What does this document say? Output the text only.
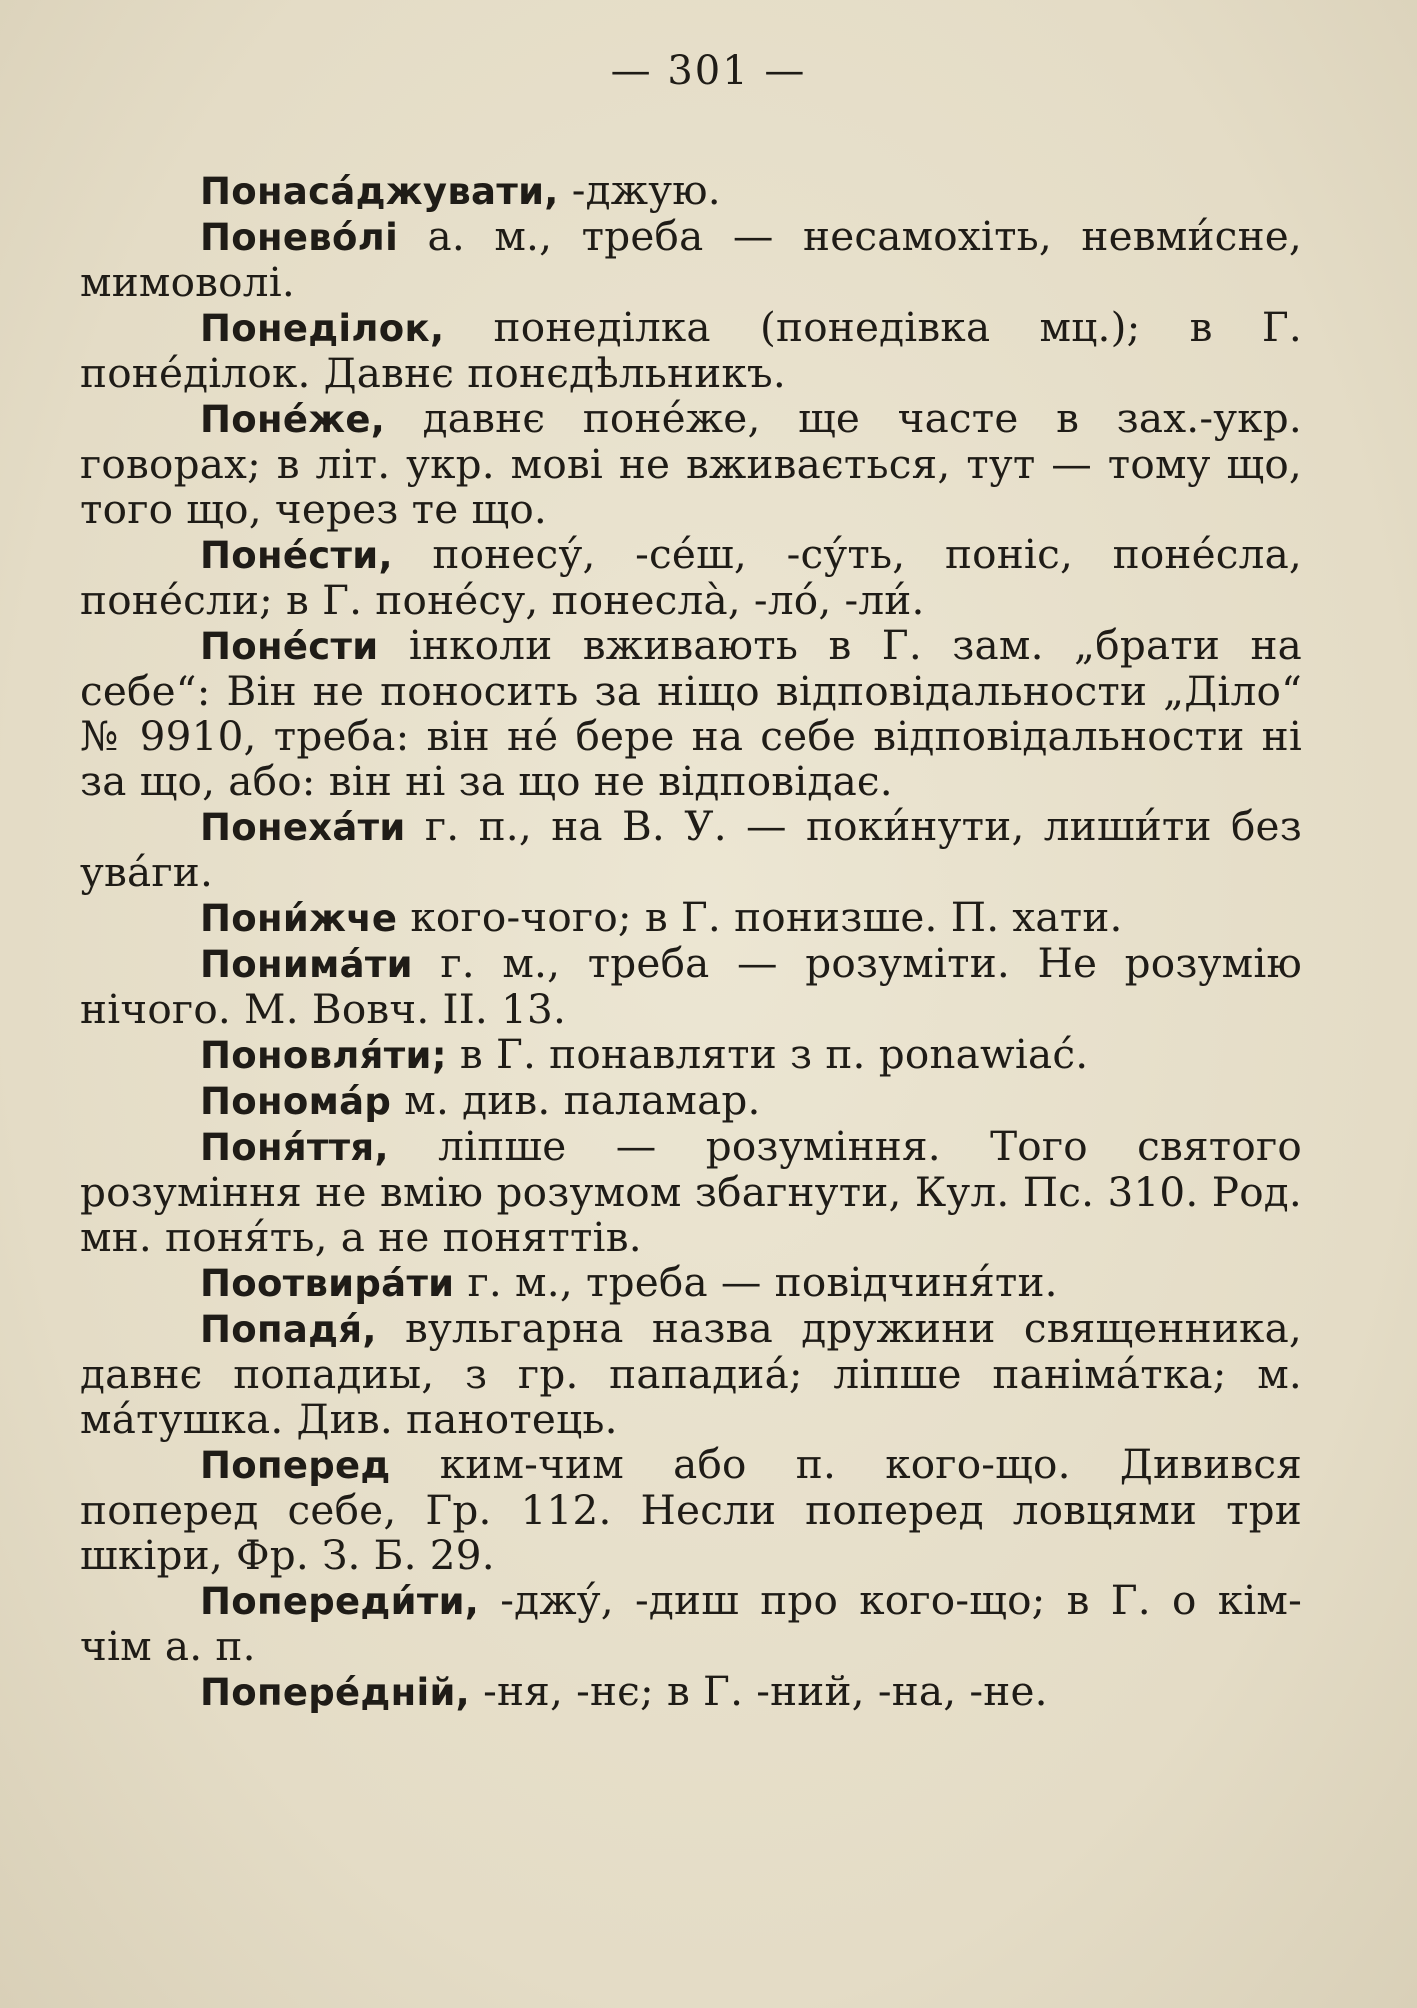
— 301 —

Понаса́джувати, -джую.

Понево́лі а. м., треба — несамохіть, невми́сне, мимоволі.

Понеділок, понеділка (понедівка мц.); в Г. поне́ділок. Давнє понєдѣльникъ.

Поне́же, давнє поне́же, ще часте в зах.-укр. говорах; в літ. укр. мові не вживається, тут — тому що, того що, через те що.

Поне́сти, понесу́, -се́ш, -су́ть, поніс, поне́сла, поне́сли; в Г. поне́су, понесла̀, -ло́, -ли́.

Поне́сти інколи вживають в Г. зам. „брати на себе“: Він не поносить за ніщо відповідальности „Діло“ № 9910, треба: він не́ бере на себе відповідальности ні за що, або: він ні за що не відповідає.

Понеха́ти г. п., на В. У. — поки́нути, лиши́ти без ува́ги.

Пони́жче кого-чого; в Г. понизше. П. хати.

Понима́ти г. м., треба — розуміти. Не розумію нічого. М. Вовч. II. 13.

Поновля́ти; в Г. понавляти з п. ponawiać.

Понома́р м. див. паламар.

Поня́ття, ліпше — розуміння. Того святого розуміння не вмію розумом збагнути, Кул. Пс. 310. Род. мн. поня́ть, а не поняттів.

Поотвира́ти г. м., треба — повідчиня́ти.

Попадя́, вульгарна назва дружини священника, давнє попадиы, з гр. пападиа́; ліпше паніма́тка; м. ма́тушка. Див. панотець.

Поперед ким-чим або п. кого-що. Дивився поперед себе, Гр. 112. Несли поперед ловцями три шкіри, Фр. З. Б. 29.

Попереди́ти, -джу́, -диш про кого-що; в Г. о кім-чім а. п.

Попере́дній, -ня, -нє; в Г. -ний, -на, -не.
